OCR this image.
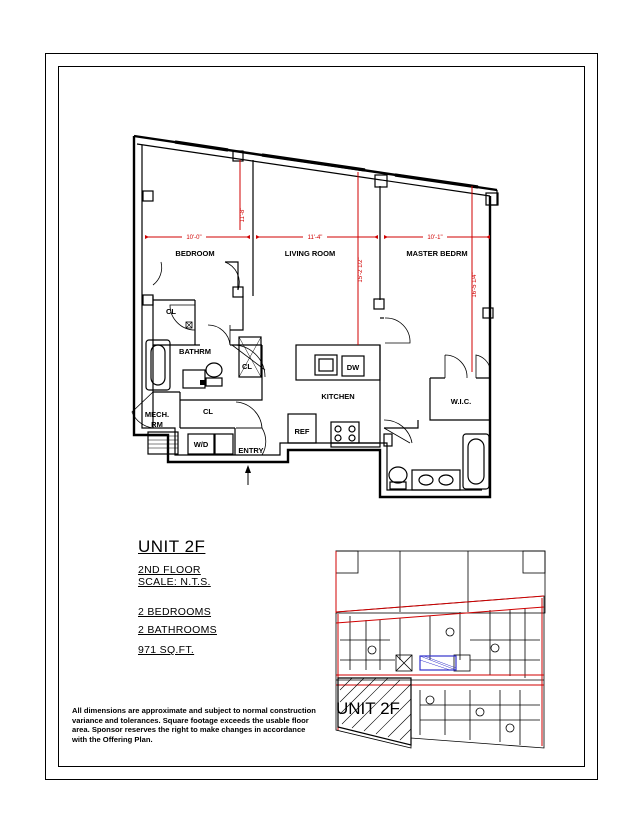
10'-0"	11'-4"	10'-1"
11'-8"
15'-2 1/2"
16'-5 1/4"
BEDROOM	LIVING ROOM	MASTER BEDRM
CL
BATHRM
CL
MECH.
RM
CL
W/D
ENTRY
KITCHEN
DW
REF
W.I.C.
UNIT 2F
2ND FLOOR
SCALE: N.T.S.
2 BEDROOMS
2 BATHROOMS
971 SQ.FT.
All dimensions are approximate and subject to normal construction variance and tolerances. Square footage exceeds the usable floor area. Sponsor reserves the right to make changes in accordance with the Offering Plan.
UNIT 2F
